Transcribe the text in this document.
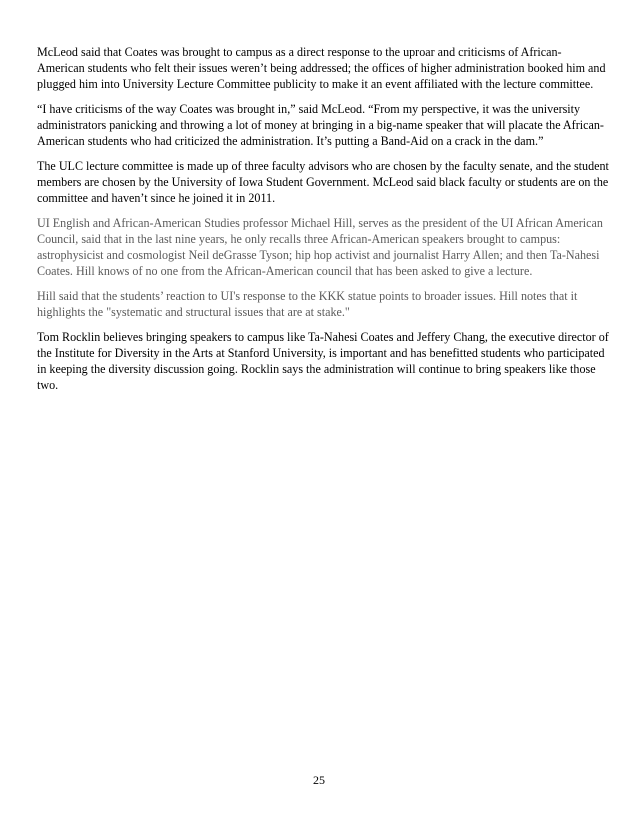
McLeod said that Coates was brought to campus as a direct response to the uproar and criticisms of African-American students who felt their issues weren’t being addressed; the offices of higher administration booked him and plugged him into University Lecture Committee publicity to make it an event affiliated with the lecture committee.

“I have criticisms of the way Coates was brought in,” said McLeod. “From my perspective, it was the university administrators panicking and throwing a lot of money at bringing in a big-name speaker that will placate the African-American students who had criticized the administration. It’s putting a Band-Aid on a crack in the dam.”

The ULC lecture committee is made up of three faculty advisors who are chosen by the faculty senate, and the student members are chosen by the University of Iowa Student Government. McLeod said black faculty or students are on the committee and haven’t since he joined it in 2011.

UI English and African-American Studies professor Michael Hill, serves as the president of the UI African American Council, said that in the last nine years, he only recalls three African-American speakers brought to campus: astrophysicist and cosmologist Neil deGrasse Tyson; hip hop activist and journalist Harry Allen; and then Ta-Nahesi Coates. Hill knows of no one from the African-American council that has been asked to give a lecture.

Hill said that the students’ reaction to UI's response to the KKK statue points to broader issues. Hill notes that it highlights the "systematic and structural issues that are at stake."

Tom Rocklin believes bringing speakers to campus like Ta-Nahesi Coates and Jeffery Chang, the executive director of the Institute for Diversity in the Arts at Stanford University, is important and has benefitted students who participated in keeping the diversity discussion going. Rocklin says the administration will continue to bring speakers like those two.

25
